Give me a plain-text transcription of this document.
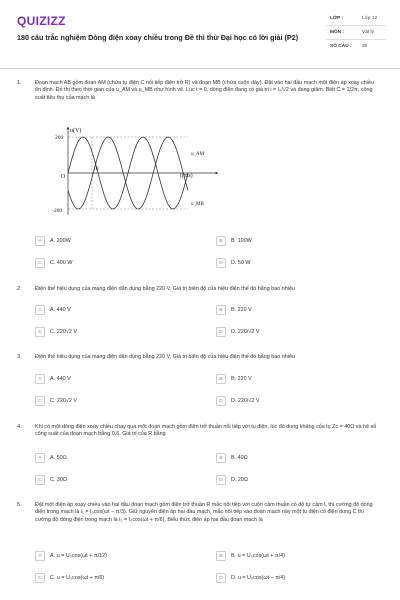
QUIZIZZ
180 câu trắc nghiệm Dòng điện xoay chiều trong Đề thi thử Đại học có lời giải (P2)
LỚP :	Lớp 12
MÔN :	Vật lý
SỐ CÂU : 30
1. Đoạn mạch AB gồm đoạn AM (chứa tụ điện C nối tiếp điện trở R) và đoạn MB (chứa cuộn dây). Đặt vào hai đầu mạch một điện áp xoay chiều ổn định. Đồ thị theo thời gian của u_AM và u_MB như hình vẽ. Lúc t = 0, dòng điện đang có giá trị i = I₀/√2 và đang giảm. Biết C = 1/2π, công suất tiêu thụ của mạch là
u(V)
t(ms)
O
10
200
-200
u_AM
u_MB
A	A. 200W	B	B. 100W
C	C. 400 W	D	D. 50 W
2. Điện thế hiệu dụng của mạng điện dân dụng bằng 220 V. Giá trị biên độ của hiệu điện thế đó bằng bao nhiêu
A	A. 440 V	B	B. 220 V
C	C. 220√2 V	D	D. 220/√2 V
3. Điện thế hiệu dụng của mạng điện dân dụng bằng 220 V. Giá trị biên độ của hiệu điện thế đó bằng bao nhiêu
A	A. 440 V	B	B. 220 V
C	C. 220√2 V	D	D. 220/√2 V
4. Khi có một dòng điện xoay chiều chạy qua một đoạn mạch gồm điện trở thuần nối tiếp với tụ điện, lúc đó dung kháng của tụ Zc = 40Ω và hệ số công suất của đoạn mạch bằng 0,6. Giá trị của R bằng
A	A. 50Ω	B	B. 40Ω
C	C. 30Ω	D	D. 20Ω
5. Đặt một điện áp xoay chiều vào hai đầu đoạn mạch gồm điện trở thuần R mắc nối tiếp với cuộn cảm thuần có độ tự cảm L thì cường độ dòng điện trong mạch là i₁ = I₀cos(ωt − π/3). Giữ nguyên điện áp hai đầu mạch, mắc nối tiếp vào đoạn mạch này một tụ điện có điện dung C thì cường độ dòng điện trong mạch là i₂ = I₀cos(ωt + π/6). Biểu thức điện áp hai đầu đoạn mạch là
A	A. u = U₀cos(ωt + π/12)	B	B. u = U₀cos(ωt + π/4)
C	C. u = U₀cos(ωt + π/6)	D	D. u = U₀cos(ωt − π/4)
